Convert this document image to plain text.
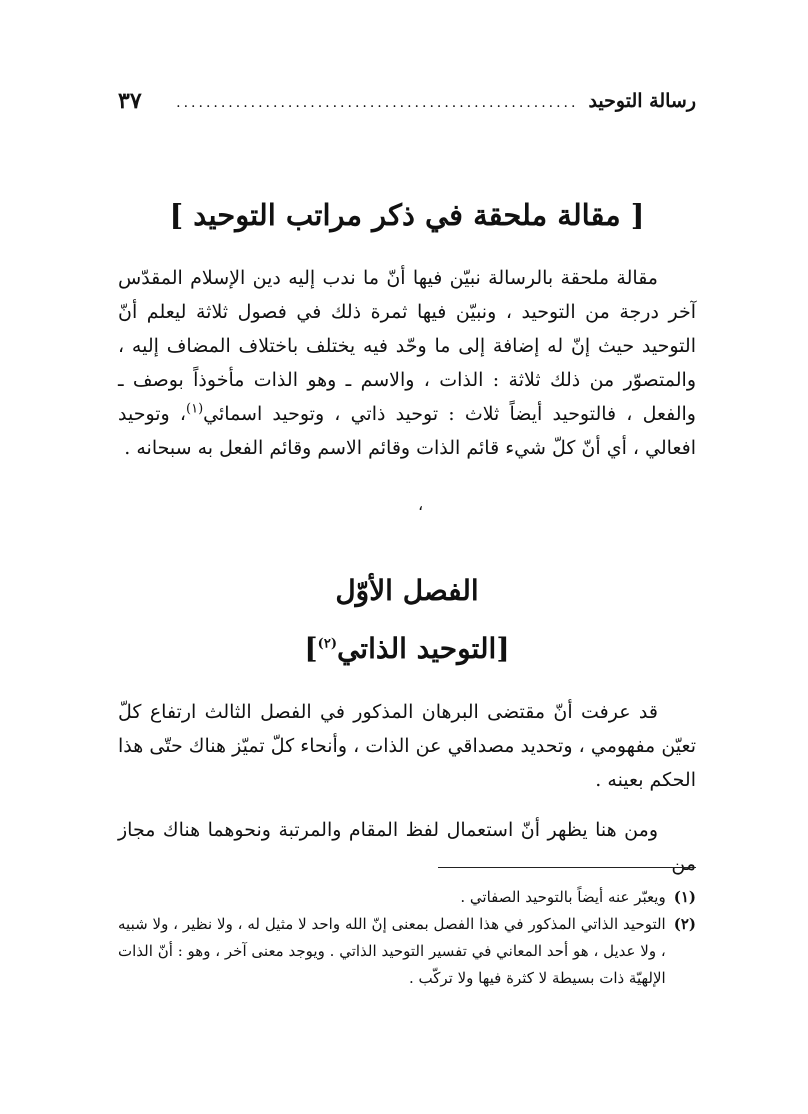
رسالة التوحيد
......................................................
٣٧
[ مقالة ملحقة في ذكر مراتب التوحيد ]

مقالة ملحقة بالرسالة نبيّن فيها أنّ ما ندب إليه دين الإسلام المقدّس آخر درجة من التوحيد ، ونبيّن فيها ثمرة ذلك في فصول ثلاثة ليعلم أنّ التوحيد حيث إنّ له إضافة إلى ما وحّد فيه يختلف باختلاف المضاف إليه ، والمتصوّر من ذلك ثلاثة : الذات ، والاسم ـ وهو الذات مأخوذاً بوصف ـ والفعل ، فالتوحيد أيضاً ثلاث : توحيد ذاتي ، وتوحيد اسمائي$^{(١)}$، وتوحيد افعالي ، أي أنّ كلّ شيء قائم الذات وقائم الاسم وقائم الفعل به سبحانه .

،
الفصل الأوّل
[التوحيد الذاتي$^{(٢)}$]

قد عرفت أنّ مقتضى البرهان المذكور في الفصل الثالث ارتفاع كلّ تعيّن مفهومي ، وتحديد مصداقي عن الذات ، وأنحاء كلّ تميّز هناك حتّى هذا الحكم بعينه .

ومن هنا يظهر أنّ استعمال لفظ المقام والمرتبة ونحوهما هناك مجاز من

(١)
ويعبّر عنه أيضاً بالتوحيد الصفاتي .
(٢)
التوحيد الذاتي المذكور في هذا الفصل بمعنى إنّ الله واحد لا مثيل له ، ولا نظير ، ولا شبيه ، ولا عديل ، هو أحد المعاني في تفسير التوحيد الذاتي . ويوجد معنى آخر ، وهو : أنّ الذات الإلهيّة ذات بسيطة لا كثرة فيها ولا تركّب .
